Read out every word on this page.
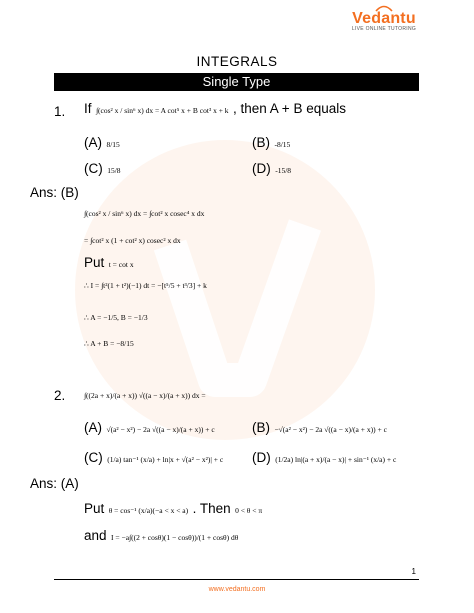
Vedantu
LIVE ONLINE TUTORING
INTEGRALS
Single Type
1. If ∫(cos² x / sin⁶ x) dx = A cot⁵ x + B cot³ x + k , then A + B equals
(A) 8/15	(B) -8/15
(C) 15/8	(D) -15/8
Ans: (B)
∫(cos² x / sin⁶ x) dx = ∫cot² x cosec⁴ x dx
= ∫cot² x (1 + cot² x) cosec² x dx
Put t = cot x
∴ I = ∫t²(1 + t²)(−1) dt = −[t⁵/5 + t³/3] + k
∴ A = −1/5, B = −1/3
∴ A + B = −8/15
2. ∫((2a + x)/(a + x)) √((a − x)/(a + x)) dx =
(A) √(a² − x²) − 2a √((a − x)/(a + x)) + c	(B) −√(a² − x²) − 2a √((a − x)/(a + x)) + c
(C) (1/a) tan⁻¹ (x/a) + ln|x + √(a² − x²)| + c (D) (1/2a) ln|(a + x)/(a − x)| + sin⁻¹ (x/a) + c
Ans: (A)
Put θ = cos⁻¹ (x/a)(−a < x < a) . Then 0 < θ < π
and I = −a∫((2 + cosθ)(1 − cosθ))/(1 + cosθ) dθ
1
www.vedantu.com
